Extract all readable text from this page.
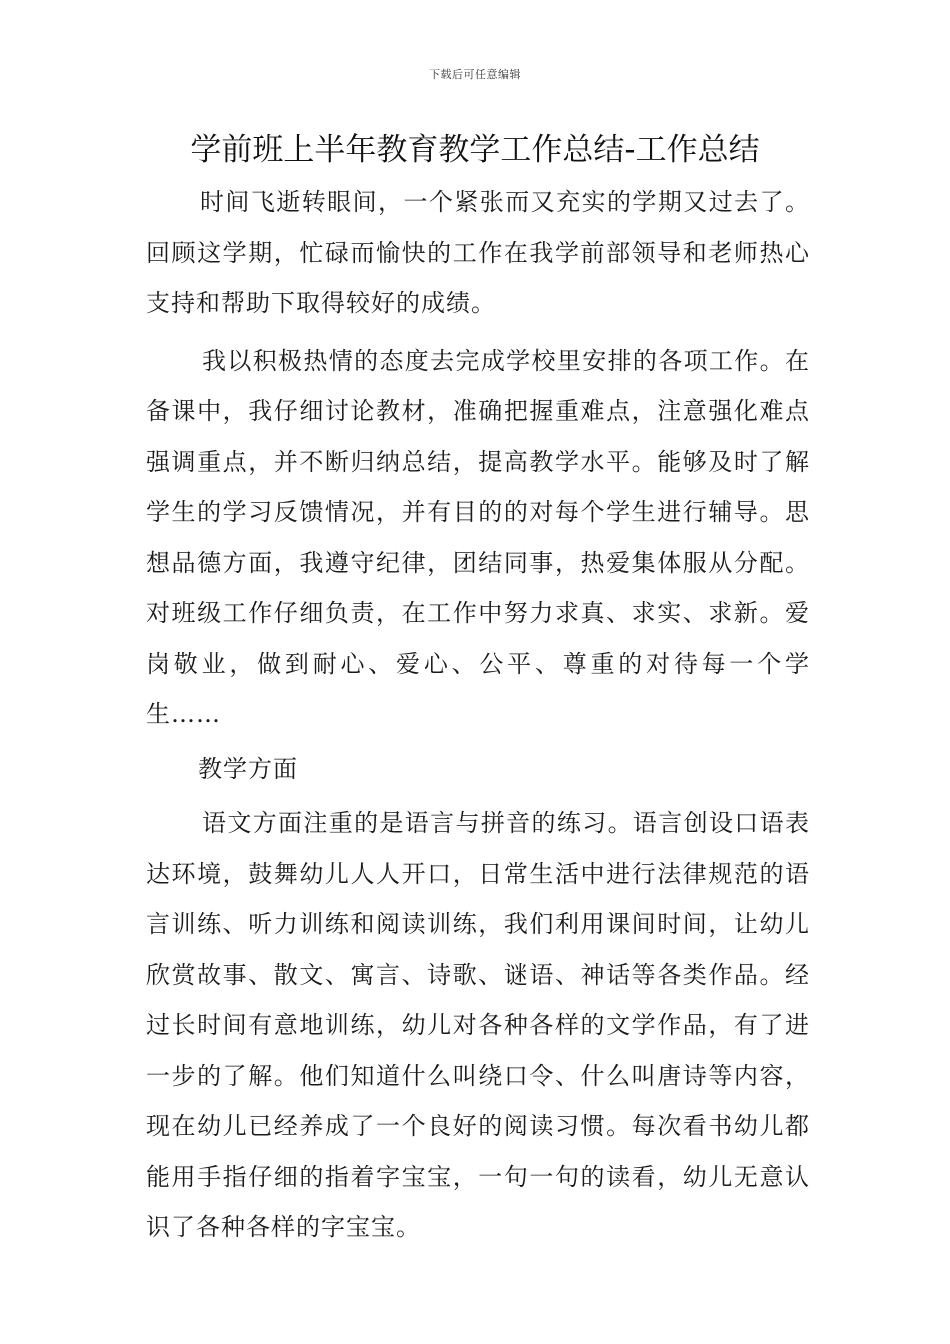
下载后可任意编辑
学前班上半年教育教学工作总结-工作总结

时间飞逝转眼间，一个紧张而又充实的学期又过去了。回顾这学期，忙碌而愉快的工作在我学前部领导和老师热心支持和帮助下取得较好的成绩。

我以积极热情的态度去完成学校里安排的各项工作。在备课中，我仔细讨论教材，准确把握重难点，注意强化难点强调重点，并不断归纳总结，提高教学水平。能够及时了解学生的学习反馈情况，并有目的的对每个学生进行辅导。思想品德方面，我遵守纪律，团结同事，热爱集体服从分配。对班级工作仔细负责，在工作中努力求真、求实、求新。爱岗敬业，做到耐心、爱心、公平、尊重的对待每一个学生……

教学方面

语文方面注重的是语言与拼音的练习。语言创设口语表达环境，鼓舞幼儿人人开口，日常生活中进行法律规范的语言训练、听力训练和阅读训练，我们利用课间时间，让幼儿欣赏故事、散文、寓言、诗歌、谜语、神话等各类作品。经过长时间有意地训练，幼儿对各种各样的文学作品，有了进一步的了解。他们知道什么叫绕口令、什么叫唐诗等内容，现在幼儿已经养成了一个良好的阅读习惯。每次看书幼儿都能用手指仔细的指着字宝宝，一句一句的读看，幼儿无意认识了各种各样的字宝宝。
